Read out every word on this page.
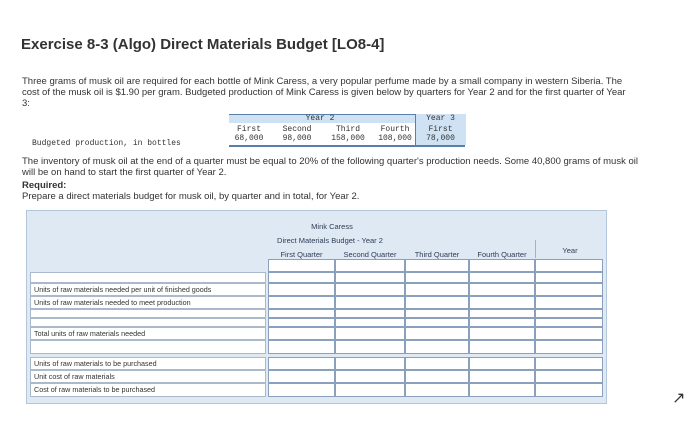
Exercise 8-3 (Algo) Direct Materials Budget [LO8-4]
Three grams of musk oil are required for each bottle of Mink Caress, a very popular perfume made by a small company in western Siberia. The cost of the musk oil is $1.90 per gram. Budgeted production of Mink Caress is given below by quarters for Year 2 and for the first quarter of Year 3:
Year 2	Year 3
First	Second	Third	Fourth	First
Budgeted production, in bottles
68,000	98,000	158,000	108,000	78,000
The inventory of musk oil at the end of a quarter must be equal to 20% of the following quarter's production needs. Some 40,800 grams of musk oil will be on hand to start the first quarter of Year 2.
Required:
Prepare a direct materials budget for musk oil, by quarter and in total, for Year 2.
Mink Caress
Direct Materials Budget - Year 2
First Quarter	Second Quarter	Third Quarter	Fourth Quarter	Year
Units of raw materials needed per unit of finished goods
Units of raw materials needed to meet production
Total units of raw materials needed
Units of raw materials to be purchased
Unit cost of raw materials
Cost of raw materials to be purchased
↗
